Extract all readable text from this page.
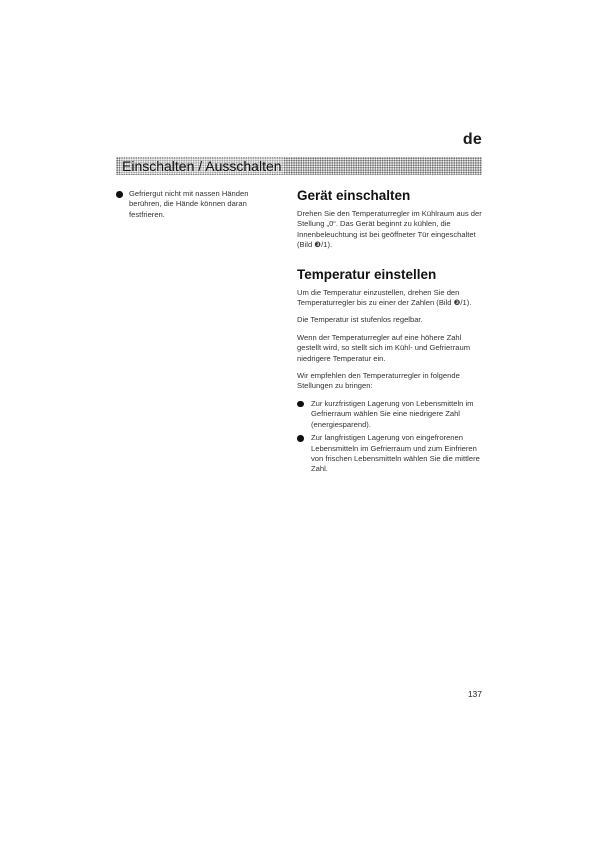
de
Einschalten / Ausschalten
Gefriergut nicht mit nassen Händen berühren, die Hände können daran festfrieren.
Gerät einschalten
Drehen Sie den Temperaturregler im Kühlraum aus der Stellung „0“. Das Gerät beginnt zu kühlen, die Innenbeleuchtung ist bei geöffneter Tür eingeschaltet (Bild ❸/1).
Temperatur einstellen
Um die Temperatur einzustellen, drehen Sie den Temperaturregler bis zu einer der Zahlen (Bild ❸/1).
Die Temperatur ist stufenlos regelbar.
Wenn der Temperaturregler auf eine höhere Zahl gestellt wird, so stellt sich im Kühl- und Gefrierraum niedrigere Temperatur ein.
Wir empfehlen den Temperaturregler in folgende Stellungen zu bringen:
Zur kurzfristigen Lagerung von Lebensmitteln im Gefrierraum wählen Sie eine niedrigere Zahl (energiesparend).
Zur langfristigen Lagerung von eingefrorenen Lebensmitteln im Gefrierraum und zum Einfrieren von frischen Lebensmitteln wählen Sie die mittlere Zahl.
137
